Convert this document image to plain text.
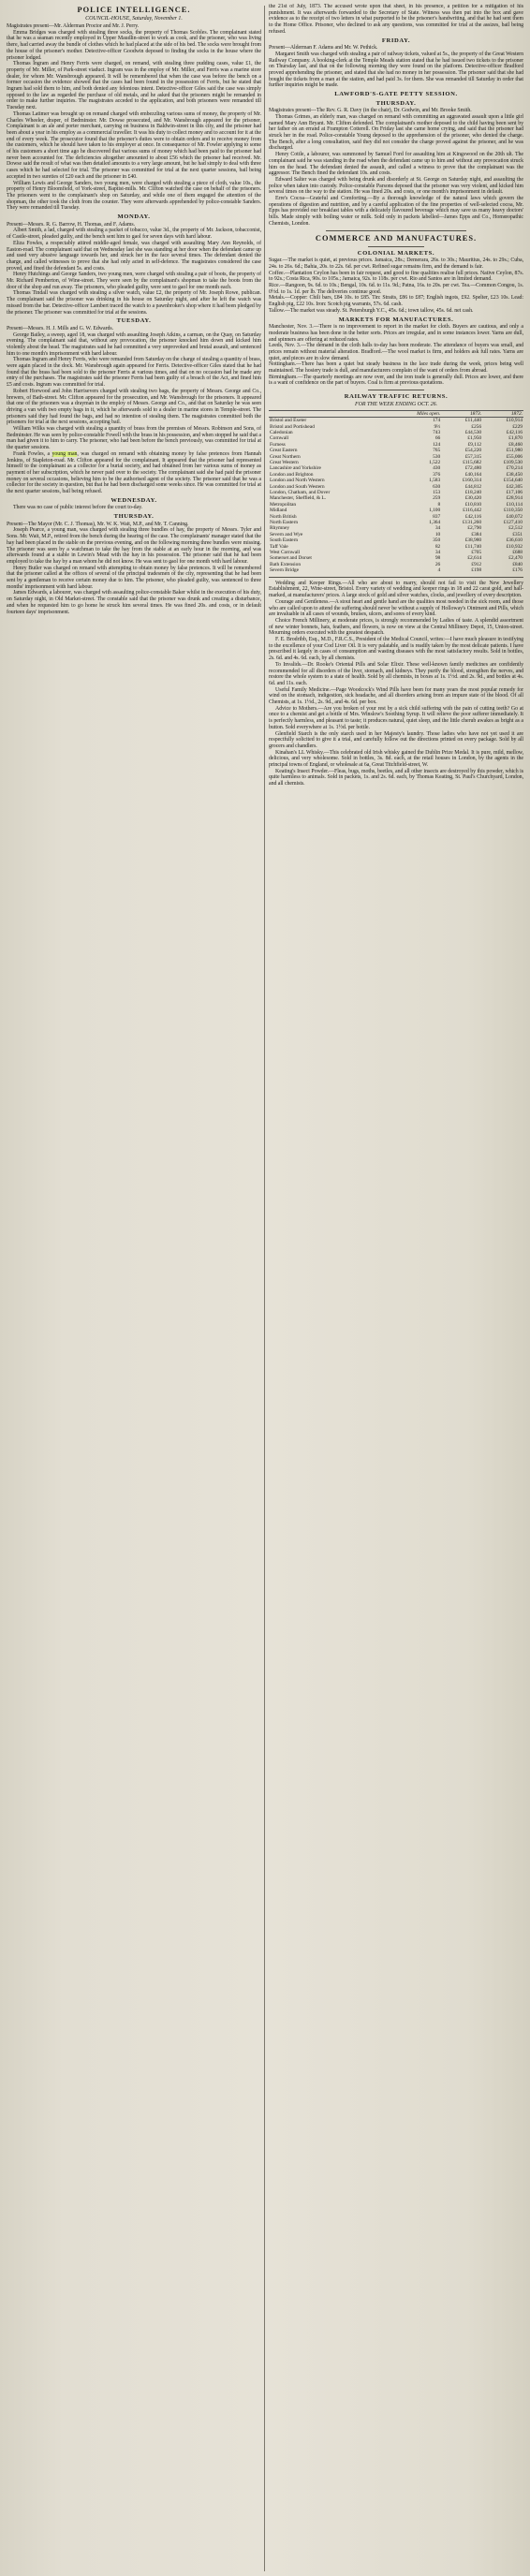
POLICE INTELLIGENCE.
COUNCIL-HOUSE, Saturday, November 1.

Magistrates present—Mr. Alderman Proctor and Mr. J. Perry.

Emma Bridges was charged with stealing three socks, the property of Thomas Scobles. The complainant stated that he was a seaman recently employed in Upper Maudlin-street to work as cook, and the prisoner, who was living there, had carried away the bundle of clothes which he had placed at the side of his bed. The socks were brought from the house of the prisoner's mother. Detective-officer Goodwin deposed to finding the socks in the house where the prisoner lodged.

Thomas Ingram and Henry Ferris were charged, on remand, with stealing three pudding cases, value £1, the property of Mr. Miller, of Park-street viaduct. Ingram was in the employ of Mr. Miller, and Ferris was a marine store dealer, for whom Mr. Wansbrough appeared. It will be remembered that when the case was before the bench on a former occasion the evidence showed that the cases had been found in the possession of Ferris, but he stated that Ingram had sold them to him, and both denied any felonious intent. Detective-officer Giles said the case was simply opposed to the law as regarded the purchase of old metals, and he asked that the prisoners might be remanded in order to make further inquiries. The magistrates acceded to the application, and both prisoners were remanded till Tuesday next.

Thomas Latimer was brought up on remand charged with embezzling various sums of money, the property of Mr. Charles Wheeler, draper, of Bedminster. Mr. Dowse prosecuted, and Mr. Wansbrough appeared for the prisoner. Complainant is an ale and porter merchant, carrying on business in Baldwin-street in this city, and the prisoner had been about a year in his employ as a commercial traveller. It was his duty to collect money and to account for it at the end of every week. The prosecutor found that the prisoner's duties were to obtain orders and to receive money from the customers, which he should have taken to his employer at once. In consequence of Mr. Fowler applying to some of his customers a short time ago he discovered that various sums of money which had been paid to the prisoner had never been accounted for. The deficiencies altogether amounted to about £56 which the prisoner had received. Mr. Dowse said the result of what was then detailed amounts to a very large amount, but he had simply to deal with three cases which he had selected for trial. The prisoner was committed for trial at the next quarter sessions, bail being accepted in two sureties of £20 each and the prisoner in £40.

William Lewis and George Sanders, two young men, were charged with stealing a piece of cloth, value 10s., the property of Henry Bloomfield, of York-street, Baptist-mills. Mr. Clifton watched the case on behalf of the prisoners. The prisoners went to the complainant's shop on Saturday, and while one of them engaged the attention of the shopman, the other took the cloth from the counter. They were afterwards apprehended by police-constable Sanders. They were remanded till Tuesday.

MONDAY.

Present—Messrs. R. G. Barrow, H. Thomas, and F. Adams.

Albert Smith, a lad, charged with stealing a packet of tobacco, value 3d., the property of Mr. Jackson, tobacconist, of Castle-street, pleaded guilty, and the bench sent him to gaol for seven days with hard labour.

Eliza Fowles, a respectably attired middle-aged female, was charged with assaulting Mary Ann Reynolds, of Easton-road. The complainant said that on Wednesday last she was standing at her door when the defendant came up and used very abusive language towards her, and struck her in the face several times. The defendant denied the charge, and called witnesses to prove that she had only acted in self-defence. The magistrates considered the case proved, and fined the defendant 5s. and costs.

Henry Hutchings and George Sanders, two young men, were charged with stealing a pair of boots, the property of Mr. Richard Pemberton, of Wine-street. They were seen by the complainant's shopman to take the boots from the door of the shop and run away. The prisoners, who pleaded guilty, were sent to gaol for one month each.

Thomas Tindall was charged with stealing a silver watch, value £2, the property of Mr. Joseph Rowe, publican. The complainant said the prisoner was drinking in his house on Saturday night, and after he left the watch was missed from the bar. Detective-officer Lambert traced the watch to a pawnbroker's shop where it had been pledged by the prisoner. The prisoner was committed for trial at the sessions.

TUESDAY.

Present—Messrs. H. J. Mills and G. W. Edwards.

George Bailey, a sweep, aged 18, was charged with assaulting Joseph Atkins, a carman, on the Quay, on Saturday evening. The complainant said that, without any provocation, the prisoner knocked him down and kicked him violently about the head. The magistrates said he had committed a very unprovoked and brutal assault, and sentenced him to one month's imprisonment with hard labour.

Thomas Ingram and Henry Ferris, who were remanded from Saturday on the charge of stealing a quantity of brass, were again placed in the dock. Mr. Wansbrough again appeared for Ferris. Detective-officer Giles stated that he had found that the brass had been sold to the prisoner Ferris at various times, and that on no occasion had he made any entry of the purchases. The magistrates said the prisoner Ferris had been guilty of a breach of the Act, and fined him £5 and costs. Ingram was committed for trial.

Robert Horwood and John Harrisevers charged with stealing two bags, the property of Messrs. George and Co., brewers, of Bath-street. Mr. Clifton appeared for the prosecution, and Mr. Wansbrough for the prisoners. It appeared that one of the prisoners was a drayman in the employ of Messrs. George and Co., and that on Saturday he was seen driving a van with two empty bags in it, which he afterwards sold to a dealer in marine stores in Temple-street. The prisoners said they had found the bags, and had no intention of stealing them. The magistrates committed both the prisoners for trial at the next sessions, accepting bail.

William Wilks was charged with stealing a quantity of brass from the premises of Messrs. Robinson and Sons, of Bedminster. He was seen by police-constable Fowell with the brass in his possession, and when stopped he said that a man had given it to him to carry. The prisoner, who had been before the bench previously, was committed for trial at the quarter sessions.

Frank Fowles, a young man, was charged on remand with obtaining money by false pretences from Hannah Jenkins, of Stapleton-road. Mr. Clifton appeared for the complainant. It appeared that the prisoner had represented himself to the complainant as a collector for a burial society, and had obtained from her various sums of money as payment of her subscription, which he never paid over to the society. The complainant said she had paid the prisoner money on several occasions, believing him to be the authorised agent of the society. The prisoner said that he was a collector for the society in question, but that he had been discharged some weeks since. He was committed for trial at the next quarter sessions, bail being refused.

WEDNESDAY.

There was no case of public interest before the court to-day.

THURSDAY.

Present—The Mayor (Mr. C. J. Thomas), Mr. W. K. Wait, M.P., and Mr. T. Canning.

Joseph Pearce, a young man, was charged with stealing three bundles of hay, the property of Messrs. Tyler and Sons. Mr. Wait, M.P., retired from the bench during the hearing of the case. The complainants' manager stated that the hay had been placed in the stable on the previous evening, and on the following morning three bundles were missing. The prisoner was seen by a watchman to take the hay from the stable at an early hour in the morning, and was afterwards found at a stable in Lewin's Mead with the hay in his possession. The prisoner said that he had been employed to take the hay by a man whom he did not know. He was sent to gaol for one month with hard labour.

Henry Butler was charged on remand with attempting to obtain money by false pretences. It will be remembered that the prisoner called at the offices of several of the principal tradesmen of the city, representing that he had been sent by a gentleman to receive certain money due to him. The prisoner, who pleaded guilty, was sentenced to three months' imprisonment with hard labour.

James Edwards, a labourer, was charged with assaulting police-constable Baker whilst in the execution of his duty, on Saturday night, in Old Market-street. The constable said that the prisoner was drunk and creating a disturbance, and when he requested him to go home he struck him several times. He was fined 20s. and costs, or in default fourteen days' imprisonment.

the 21st of July, 1873. The accused wrote upon that sheet, in his presence, a petition for a mitigation of his punishment. It was afterwards forwarded to the Secretary of State. Witness was then put into the box and gave evidence as to the receipt of two letters in what purported to be the prisoner's handwriting, and that he had sent them to the Home Office. Prisoner, who declined to ask any questions, was committed for trial at the assizes, bail being refused.

FRIDAY.

Present—Alderman F. Adams and Mr. W. Pethick.

Margaret Smith was charged with stealing a pair of railway tickets, valued at 5s., the property of the Great Western Railway Company. A booking-clerk at the Temple Meads station stated that he had issued two tickets to the prisoner on Thursday last, and that on the following morning they were found on the platform. Detective-officer Bradford proved apprehending the prisoner, and stated that she had no money in her possession. The prisoner said that she had bought the tickets from a man at the station, and had paid 3s. for them. She was remanded till Saturday in order that further inquiries might be made.

LAWFORD'S-GATE PETTY SESSION.
THURSDAY.

Magistrates present—The Rev. G. R. Davy (in the chair), Dr. Godwin, and Mr. Brooke Smith.

Thomas Grimes, an elderly man, was charged on remand with committing an aggravated assault upon a little girl named Mary Ann Bryant. Mr. Clifton defended. The complainant's mother deposed to the child having been sent by her father on an errand at Frampton Cotterell. On Friday last she came home crying, and said that the prisoner had struck her in the road. Police-constable Young deposed to the apprehension of the prisoner, who denied the charge. The Bench, after a long consultation, said they did not consider the charge proved against the prisoner, and he was discharged.

Henry Cottle, a labourer, was summoned by Samuel Ford for assaulting him at Kingswood on the 20th ult. The complainant said he was standing in the road when the defendant came up to him and without any provocation struck him on the head. The defendant denied the assault, and called a witness to prove that the complainant was the aggressor. The Bench fined the defendant 10s. and costs.

Edward Salter was charged with being drunk and disorderly at St. George on Saturday night, and assaulting the police when taken into custody. Police-constable Parsons deposed that the prisoner was very violent, and kicked him several times on the way to the station. He was fined 20s. and costs, or one month's imprisonment in default.

Erre's Cocoa—Grateful and Comforting.—By a thorough knowledge of the natural laws which govern the operations of digestion and nutrition, and by a careful application of the fine properties of well-selected cocoa, Mr. Epps has provided our breakfast tables with a delicately flavoured beverage which may save us many heavy doctors' bills. Made simply with boiling water or milk. Sold only in packets labelled—James Epps and Co., Homœopathic Chemists, London.

COMMERCE AND MANUFACTURES.
COLONIAL MARKETS.

Sugar.—The market is quiet, at previous prices. Jamaica, 28s.; Demerara, 26s. to 30s.; Mauritius, 24s. to 29s.; Cuba, 24s. to 26s. 6d.; Bahia, 20s. to 22s. 6d. per cwt. Refined sugar remains firm, and the demand is fair.

Coffee.—Plantation Ceylon has been in fair request, and good to fine qualities realise full prices. Native Ceylon, 87s. to 92s.; Costa Rica, 90s. to 105s.; Jamaica, 92s. to 118s. per cwt. Rio and Santos are in limited demand.

Rice.—Rangoon, 9s. 6d. to 10s.; Bengal, 10s. 6d. to 11s. 9d.; Patna, 16s. to 20s. per cwt. Tea.—Common Congou, 1s. 0½d. to 1s. 1d. per lb. The deliveries continue good.

Metals.—Copper: Chili bars, £84 10s. to £85. Tin: Straits, £86 to £87; English ingots, £92. Spelter, £23 10s. Lead: English pig, £22 10s. Iron: Scotch pig warrants, 57s. 6d. cash.

Tallow.—The market was steady. St. Petersburgh Y.C., 45s. 6d.; town tallow, 45s. 6d. net cash.

MARKETS FOR MANUFACTURES.

Manchester, Nov. 3.—There is no improvement to report in the market for cloth. Buyers are cautious, and only a moderate business has been done in the better sorts. Prices are irregular, and in some instances lower. Yarns are dull, and spinners are offering at reduced rates.

Leeds, Nov. 3.—The demand in the cloth halls to-day has been moderate. The attendance of buyers was small, and prices remain without material alteration. Bradford.—The wool market is firm, and holders ask full rates. Yarns are quiet, and pieces are in slow demand.

Nottingham.—There has been a quiet but steady business in the lace trade during the week, prices being well maintained. The hosiery trade is dull, and manufacturers complain of the want of orders from abroad.

Birmingham.—The quarterly meetings are now over, and the iron trade is generally dull. Prices are lower, and there is a want of confidence on the part of buyers. Coal is firm at previous quotations.

RAILWAY TRAFFIC RETURNS.
FOR THE WEEK ENDING OCT. 26.
	Miles open.	1873.	1872.
Bristol and Exeter	174	£11,440	£10,914
Bristol and Portishead	9½	£256	£229
Caledonian	743	£44,530	£42,116
Cornwall	66	£1,950	£1,870
Furness	124	£9,112	£8,460
Great Eastern	765	£54,220	£51,980
Great Northern	530	£57,315	£55,006
Great Western	1,522	£115,682	£109,530
Lancashire and Yorkshire	430	£72,480	£70,214
London and Brighton	376	£40,164	£38,450
London and North Western	1,583	£160,314	£154,640
London and South Western	630	£44,812	£42,305
London, Chatham, and Dover	153	£18,240	£17,106
Manchester, Sheffield, & L.	259	£30,420	£28,914
Metropolitan	8	£10,810	£10,114
Midland	1,100	£116,442	£110,350
North British	837	£42,116	£40,072
North Eastern	1,364	£131,260	£127,410
Rhymney	34	£2,790	£2,512
Severn and Wye	10	£384	£351
South Eastern	350	£38,980	£36,610
Taff Vale	82	£11,740	£10,932
West Cornwall	34	£705	£688
Somerset and Dorset	98	£2,614	£2,470
Bath Extension	26	£912	£840
Severn Bridge	4	£198	£176

Wedding and Keeper Rings.—All who are about to marry, should not fail to visit the New Jewellery Establishment, 22, Wine-street, Bristol. Every variety of wedding and keeper rings in 18 and 22 carat gold, and hall-marked, at manufacturers' prices. A large stock of gold and silver watches, clocks, and jewellery of every description.

Courage and Gentleness.—A stout heart and gentle hand are the qualities most needed in the sick room, and those who are called upon to attend the suffering should never be without a supply of Holloway's Ointment and Pills, which are invaluable in all cases of wounds, bruises, ulcers, and sores of every kind.

Choice French Millinery, at moderate prices, is strongly recommended by Ladies of taste. A splendid assortment of new winter bonnets, hats, feathers, and flowers, is now on view at the Central Millinery Depot, 15, Union-street. Mourning orders executed with the greatest despatch.

F. E. Brodribb, Esq., M.D., F.R.C.S., President of the Medical Council, writes:—I have much pleasure in testifying to the excellence of your Cod Liver Oil. It is very palatable, and is readily taken by the most delicate patients. I have prescribed it largely in cases of consumption and wasting diseases with the most satisfactory results. Sold in bottles, 2s. 6d. and 4s. 6d. each, by all chemists.

To Invalids.—Dr. Rooke's Oriental Pills and Solar Elixir. These well-known family medicines are confidently recommended for all disorders of the liver, stomach, and kidneys. They purify the blood, strengthen the nerves, and restore the whole system to a state of health. Sold by all chemists, in boxes at 1s. 1½d. and 2s. 9d., and bottles at 4s. 6d. and 11s. each.

Useful Family Medicine.—Page Woodcock's Wind Pills have been for many years the most popular remedy for wind on the stomach, indigestion, sick headache, and all disorders arising from an impure state of the blood. Of all Chemists, at 1s. 1½d., 2s. 9d., and 4s. 6d. per box.

Advice to Mothers.—Are you broken of your rest by a sick child suffering with the pain of cutting teeth? Go at once to a chemist and get a bottle of Mrs. Winslow's Soothing Syrup. It will relieve the poor sufferer immediately. It is perfectly harmless, and pleasant to taste; it produces natural, quiet sleep, and the little cherub awakes as bright as a button. Sold everywhere at 1s. 1½d. per bottle.

Glenfield Starch is the only starch used in her Majesty's laundry. Those ladies who have not yet used it are respectfully solicited to give it a trial, and carefully follow out the directions printed on every package. Sold by all grocers and chandlers.

Kinahan's LL Whisky.—This celebrated old Irish whisky gained the Dublin Prize Medal. It is pure, mild, mellow, delicious, and very wholesome. Sold in bottles, 3s. 8d. each, at the retail houses in London, by the agents in the principal towns of England, or wholesale at 6a, Great Titchfield-street, W.

Keating's Insect Powder.—Fleas, bugs, moths, beetles, and all other insects are destroyed by this powder, which is quite harmless to animals. Sold in packets, 1s. and 2s. 6d. each, by Thomas Keating, St. Paul's Churchyard, London, and all chemists.
